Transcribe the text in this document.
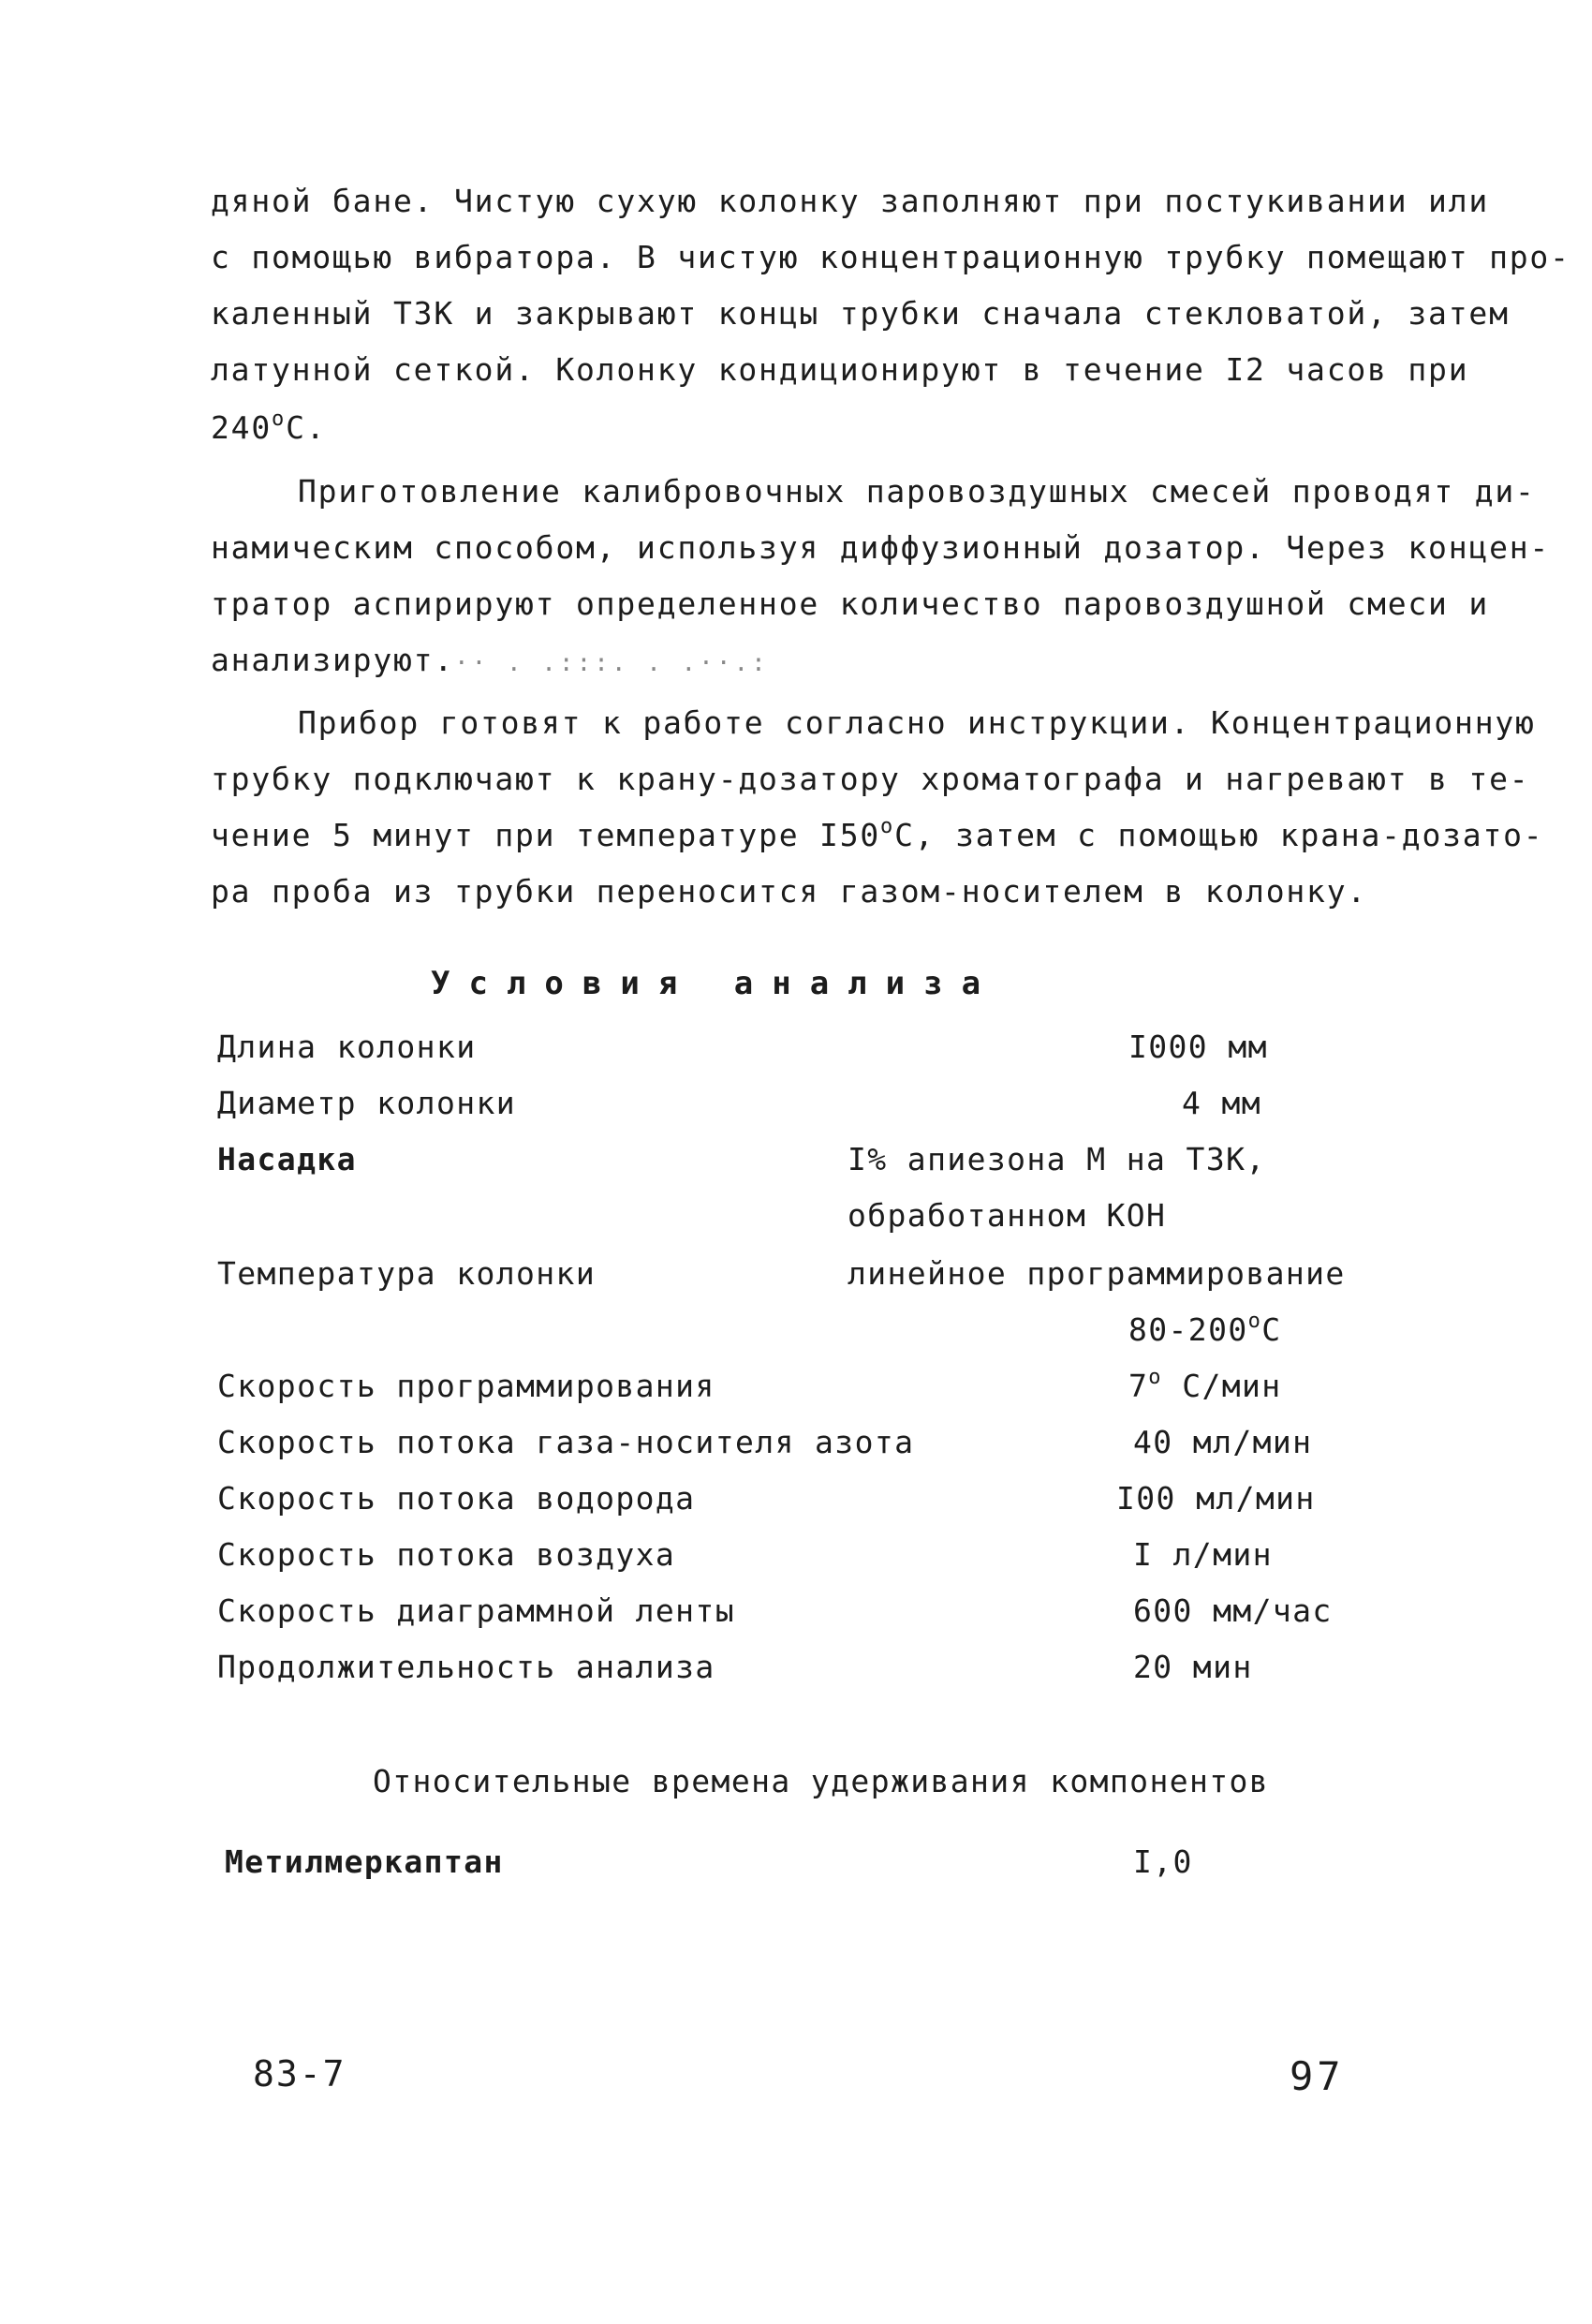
дяной бане. Чистую сухую колонку заполняют при постукивании или
с помощью вибратора. В чистую концентрационную трубку помещают про-
каленный ТЗК и закрывают концы трубки сначала стекловатой, затем
латунной сеткой. Колонку кондиционируют в течение I2 часов при
$240^оС$.
Приготовление калибровочных паровоздушных смесей проводят ди-
намическим способом, используя диффузионный дозатор. Через концен-
тратор аспирируют определенное количество паровоздушной смеси и
анализируют.·· . .:::. . .··.:
Прибор готовят к работе согласно инструкции. Концентрационную
трубку подключают к крану-дозатору хроматографа и нагревают в те-
чение 5 минут при температуре $I50^оС$, затем с помощью крана-дозато-
ра проба из трубки переносится газом-носителем в колонку.
Условия анализа
Длина колонки	I000 мм
Диаметр колонки	4 мм
Насадка	I% апиезона М на ТЗК,
обработанном КОН
Температура колонки	линейное программирование
$80-200^оС$
Скорость программирования	$7^о$ С/мин
Скорость потока газа-носителя азота	40 мл/мин
Скорость потока водорода	I00 мл/мин
Скорость потока воздуха	I л/мин
Скорость диаграммной ленты	600 мм/час
Продолжительность анализа	20 мин
Относительные времена удерживания компонентов
Метилмеркаптан	I,0
83-7	97
